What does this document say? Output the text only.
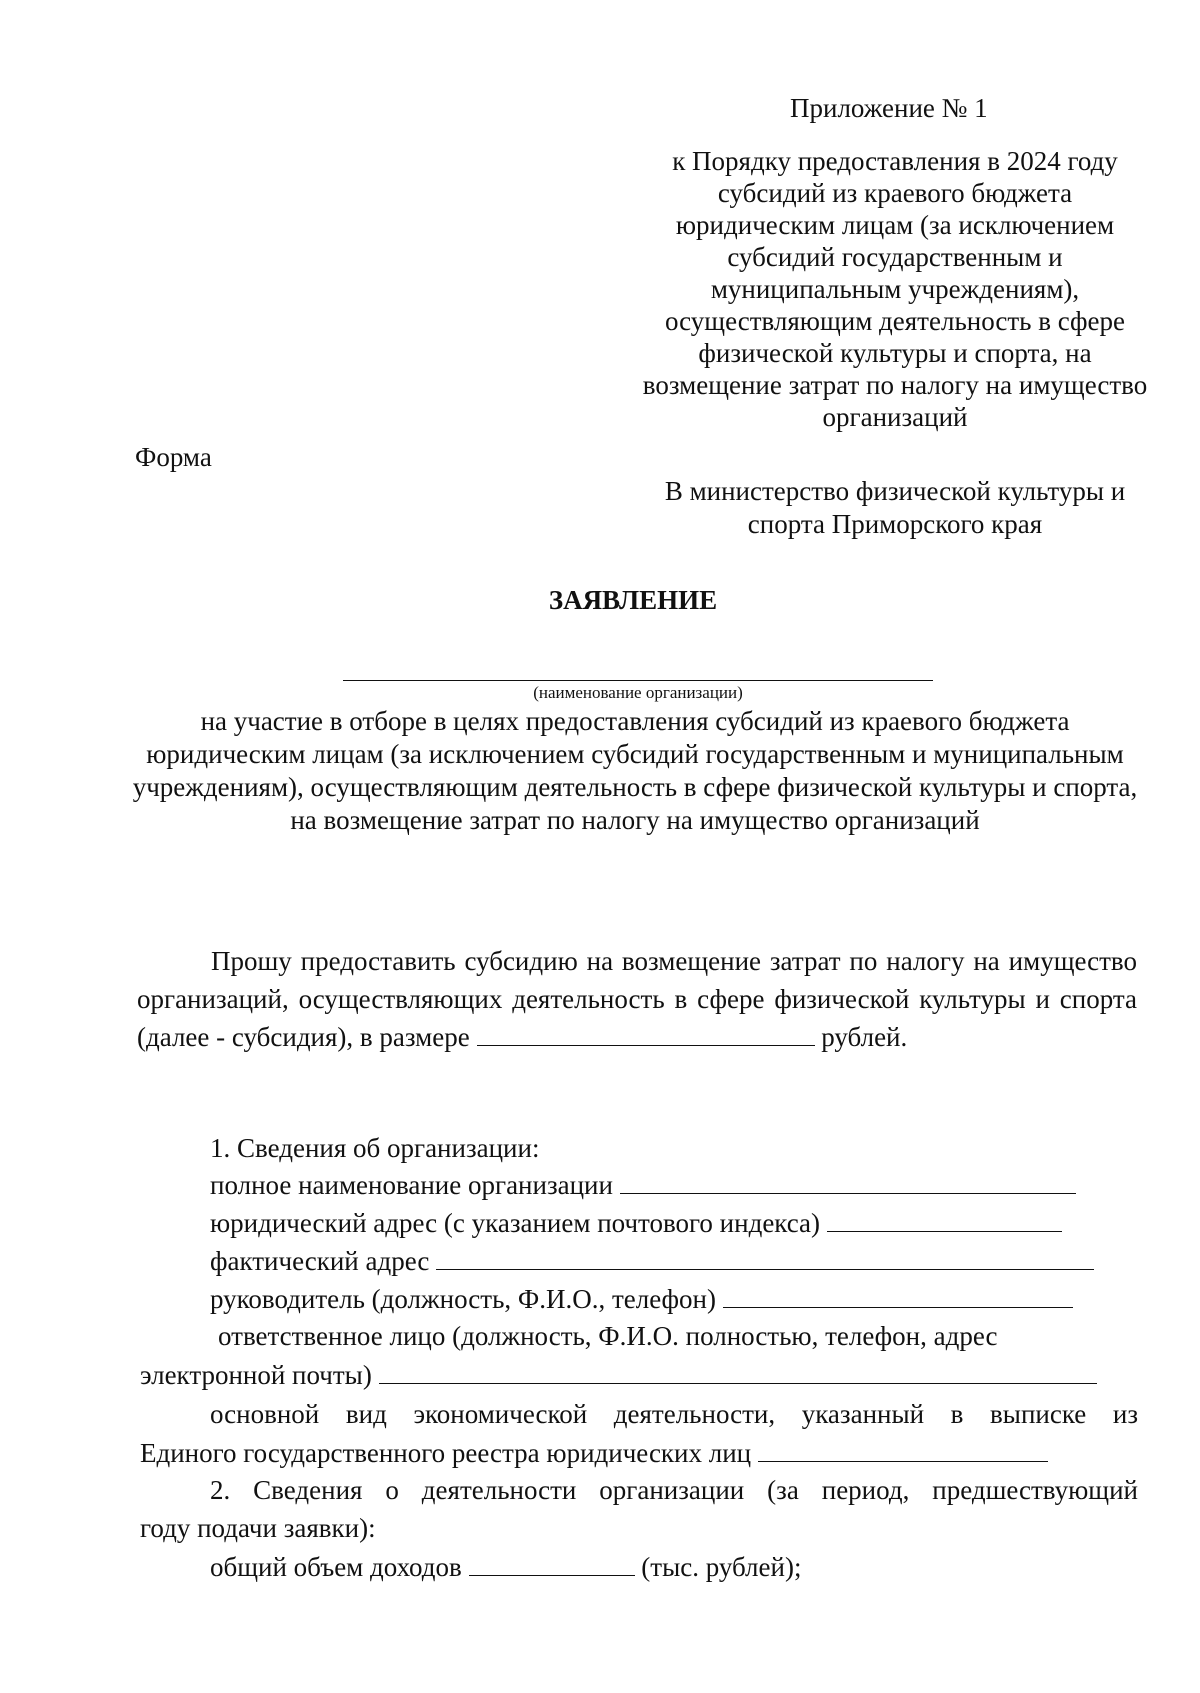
Приложение № 1
к Порядку предоставления в 2024 году субсидий из краевого бюджета юридическим лицам (за исключением субсидий государственным и муниципальным учреждениям), осуществляющим деятельность в сфере физической культуры и спорта, на возмещение затрат по налогу на имущество организаций
Форма
В министерство физической культуры и спорта Приморского края
ЗАЯВЛЕНИЕ
(наименование организации)
на участие в отборе в целях предоставления субсидий из краевого бюджета юридическим лицам (за исключением субсидий государственным и муниципальным учреждениям), осуществляющим деятельность в сфере физической культуры и спорта, на возмещение затрат по налогу на имущество организаций
Прошу предоставить субсидию на возмещение затрат по налогу на имущество организаций, осуществляющих деятельность в сфере физической культуры и спорта (далее - субсидия), в размере	рублей.
1. Сведения об организации:
полное наименование организации
юридический адрес (с указанием почтового индекса)
фактический адрес
руководитель (должность, Ф.И.О., телефон)
ответственное лицо (должность, Ф.И.О. полностью, телефон, адрес
электронной почты)
основной вид экономической деятельности, указанный в выписке из
Единого государственного реестра юридических лиц
2. Сведения о деятельности организации (за период, предшествующий
году подачи заявки):
общий объем доходов	(тыс. рублей);
